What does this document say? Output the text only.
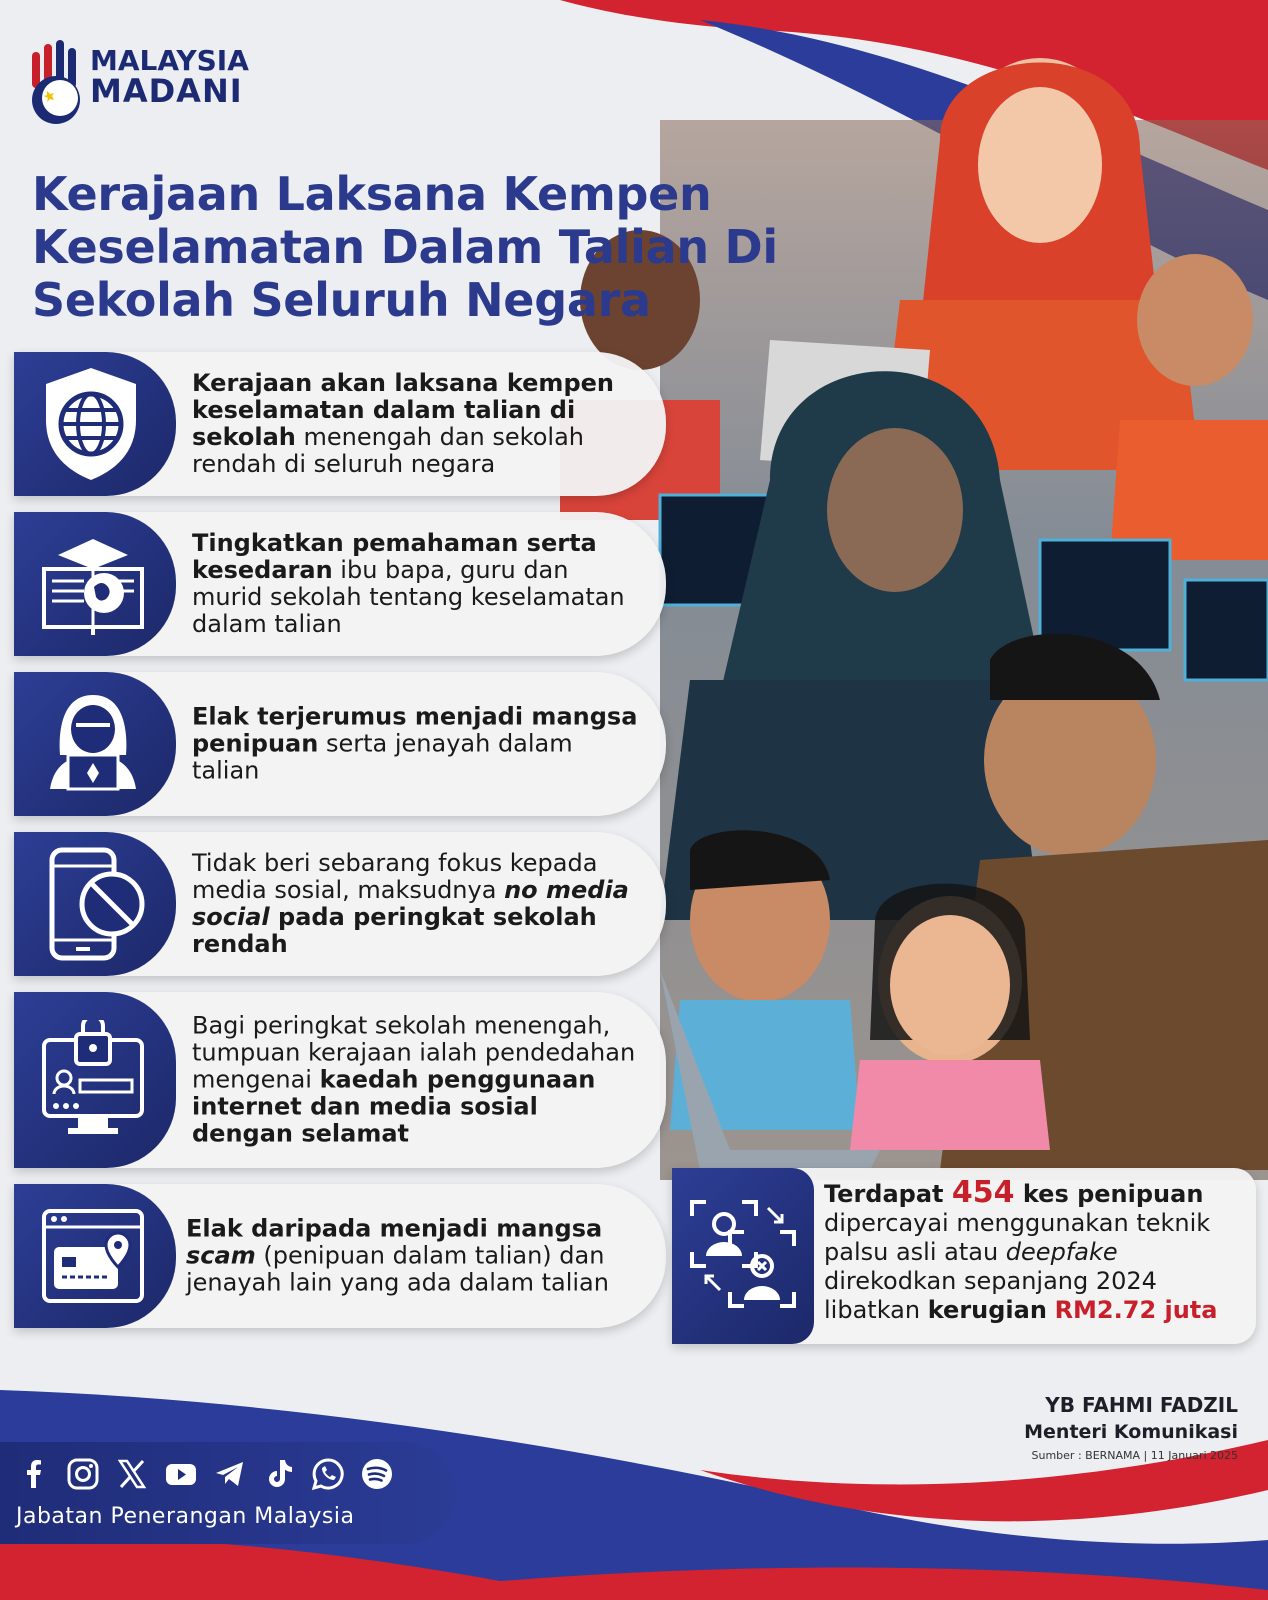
MALAYSIA
MADANI
Kerajaan Laksana Kempen Keselamatan Dalam Talian Di Sekolah Seluruh Negara
Kerajaan akan laksana kempen keselamatan dalam talian di sekolah menengah dan sekolah rendah di seluruh negara
Tingkatkan pemahaman serta kesedaran ibu bapa, guru dan murid sekolah tentang keselamatan dalam talian
Elak terjerumus menjadi mangsa penipuan serta jenayah dalam talian
Tidak beri sebarang fokus kepada media sosial, maksudnya no media social pada peringkat sekolah rendah
Bagi peringkat sekolah menengah, tumpuan kerajaan ialah pendedahan mengenai kaedah penggunaan internet dan media sosial dengan selamat
Elak daripada menjadi mangsa scam (penipuan dalam talian) dan jenayah lain yang ada dalam talian
Terdapat 454 kes penipuan
dipercayai menggunakan teknik palsu asli atau deepfake direkodkan sepanjang 2024
libatkan kerugian RM2.72 juta
YB FAHMI FADZIL
Menteri Komunikasi
Sumber : BERNAMA | 11 Januari 2025
Jabatan Penerangan Malaysia
